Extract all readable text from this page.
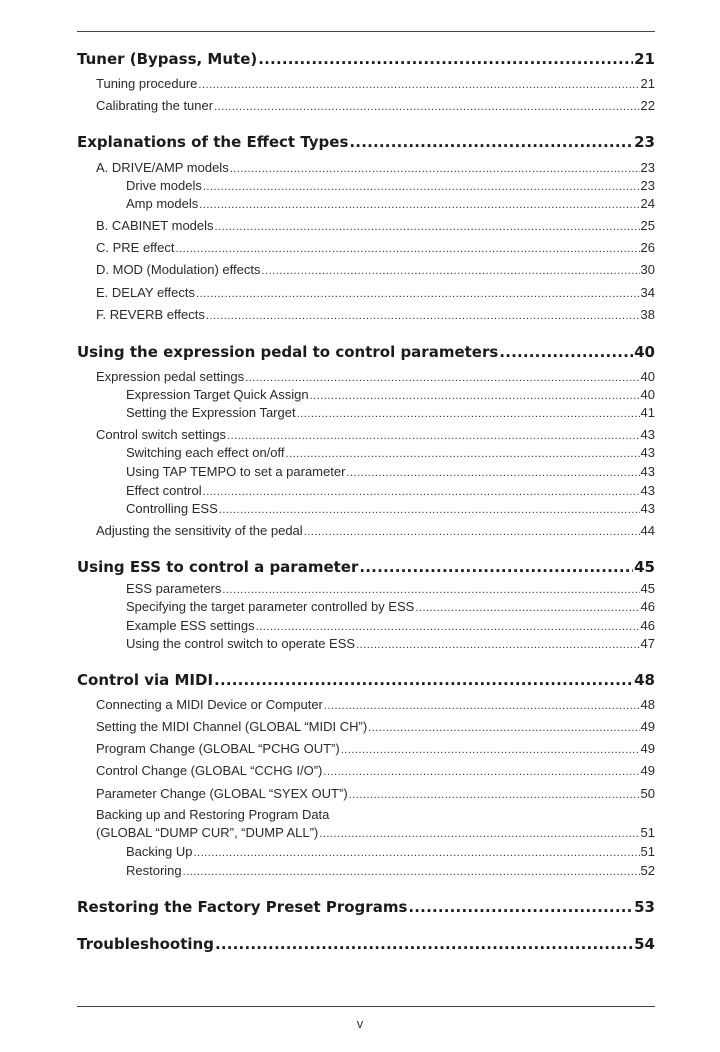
Tuner (Bypass, Mute) .....	21
Tuning procedure .....	21
Calibrating the tuner .....	22
Explanations of the Effect Types .....	23
A. DRIVE/AMP models .....	23
Drive models .....	23
Amp models .....	24
B. CABINET models .....	25
C. PRE effect .....	26
D. MOD (Modulation) effects .....	30
E. DELAY effects .....	34
F. REVERB effects .....	38
Using the expression pedal to control parameters .....	40
Expression pedal settings .....	40
Expression Target Quick Assign .....	40
Setting the Expression Target .....	41
Control switch settings .....	43
Switching each effect on/off .....	43
Using TAP TEMPO to set a parameter .....	43
Effect control .....	43
Controlling ESS .....	43
Adjusting the sensitivity of the pedal .....	44
Using ESS to control a parameter .....	45
ESS parameters .....	45
Specifying the target parameter controlled by ESS .....	46
Example ESS settings .....	46
Using the control switch to operate ESS .....	47
Control via MIDI .....	48
Connecting a MIDI Device or Computer .....	48
Setting the MIDI Channel (GLOBAL “MIDI CH”) .....	49
Program Change (GLOBAL “PCHG OUT”) .....	49
Control Change (GLOBAL “CCHG I/O”) .....	49
Parameter Change (GLOBAL “SYEX OUT”) .....	50
Backing up and Restoring Program Data
(GLOBAL “DUMP CUR”, “DUMP ALL”) .....	51
Backing Up .....	51
Restoring .....	52
Restoring the Factory Preset Programs .....	53
Troubleshooting .....	54
v
